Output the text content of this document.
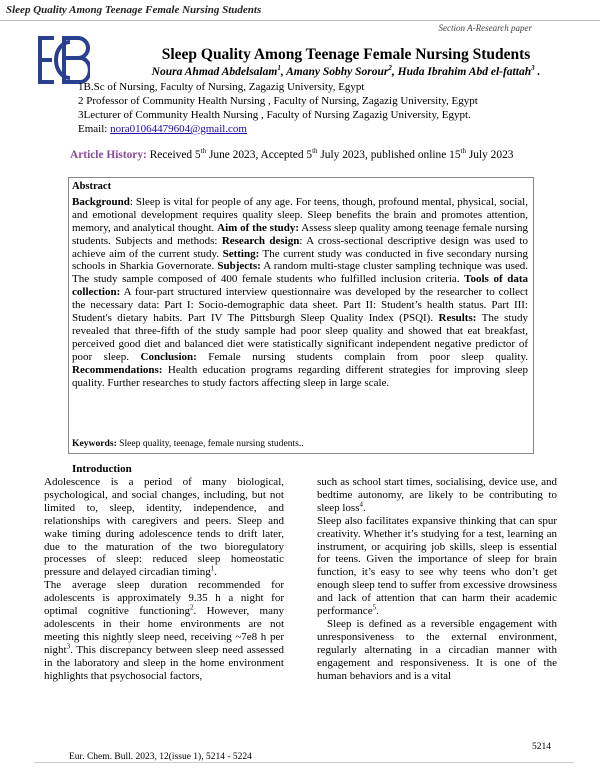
Sleep Quality Among Teenage Female Nursing Students
Section A-Research paper
Sleep Quality Among Teenage Female Nursing Students
Noura Ahmad Abdelsalam$^1$, Amany Sobhy Sorour$^2$, Huda Ibrahim Abd el-fattah$^3$ .
1B.Sc of Nursing, Faculty of Nursing, Zagazig University, Egypt
2 Professor of Community Health Nursing , Faculty of Nursing, Zagazig University, Egypt
3Lecturer of Community Health Nursing , Faculty of Nursing Zagazig University, Egypt.
Email: nora01064479604@gmail.com
Article History: Received 5th June 2023, Accepted 5th July 2023, published online 15th July 2023
Abstract
Background: Sleep is vital for people of any age. For teens, though, profound mental, physical, social, and emotional development requires quality sleep. Sleep benefits the brain and promotes attention, memory, and analytical thought. Aim of the study: Assess sleep quality among teenage female nursing students. Subjects and methods: Research design: A cross-sectional descriptive design was used to achieve aim of the current study. Setting: The current study was conducted in five secondary nursing schools in Sharkia Governorate. Subjects: A random multi-stage cluster sampling technique was used. The study sample composed of 400 female students who fulfilled inclusion criteria. Tools of data collection: A four-part structured interview questionnaire was developed by the researcher to collect the necessary data: Part I: Socio-demographic data sheet. Part II: Student’s health status. Part III: Student's dietary habits. Part IV The Pittsburgh Sleep Quality Index (PSQI). Results: The study revealed that three-fifth of the study sample had poor sleep quality and showed that eat breakfast, perceived good diet and balanced diet were statistically significant independent negative predictor of poor sleep. Conclusion: Female nursing students complain from poor sleep quality. Recommendations: Health education programs regarding different strategies for improving sleep quality. Further researches to study factors affecting sleep in large scale.
Keywords: Sleep quality, teenage, female nursing students..
Introduction

Adolescence is a period of many biological, psychological, and social changes, including, but not limited to, sleep, identity, independence, and relationships with caregivers and peers. Sleep and wake timing during adolescence tends to drift later, due to the maturation of the two bioregulatory processes of sleep: reduced sleep homeostatic pressure and delayed circadian timing$^1$.

The average sleep duration recommended for adolescents is approximately 9.35 h a night for optimal cognitive functioning$^2$. However, many adolescents in their home environments are not meeting this nightly sleep need, receiving ~7e8 h per night$^3$. This discrepancy between sleep need assessed in the laboratory and sleep in the home environment highlights that psychosocial factors,

such as school start times, socialising, device use, and bedtime autonomy, are likely to be contributing to sleep loss$^4$.

Sleep also facilitates expansive thinking that can spur creativity. Whether it’s studying for a test, learning an instrument, or acquiring job skills, sleep is essential for teens. Given the importance of sleep for brain function, it’s easy to see why teens who don’t get enough sleep tend to suffer from excessive drowsiness and lack of attention that can harm their academic performance$^5$.

Sleep is defined as a reversible engagement with unresponsiveness to the external environment, regularly alternating in a circadian manner with engagement and responsiveness. It is one of the human behaviors and is a vital

5214
Eur. Chem. Bull. 2023, 12(issue 1), 5214 - 5224
